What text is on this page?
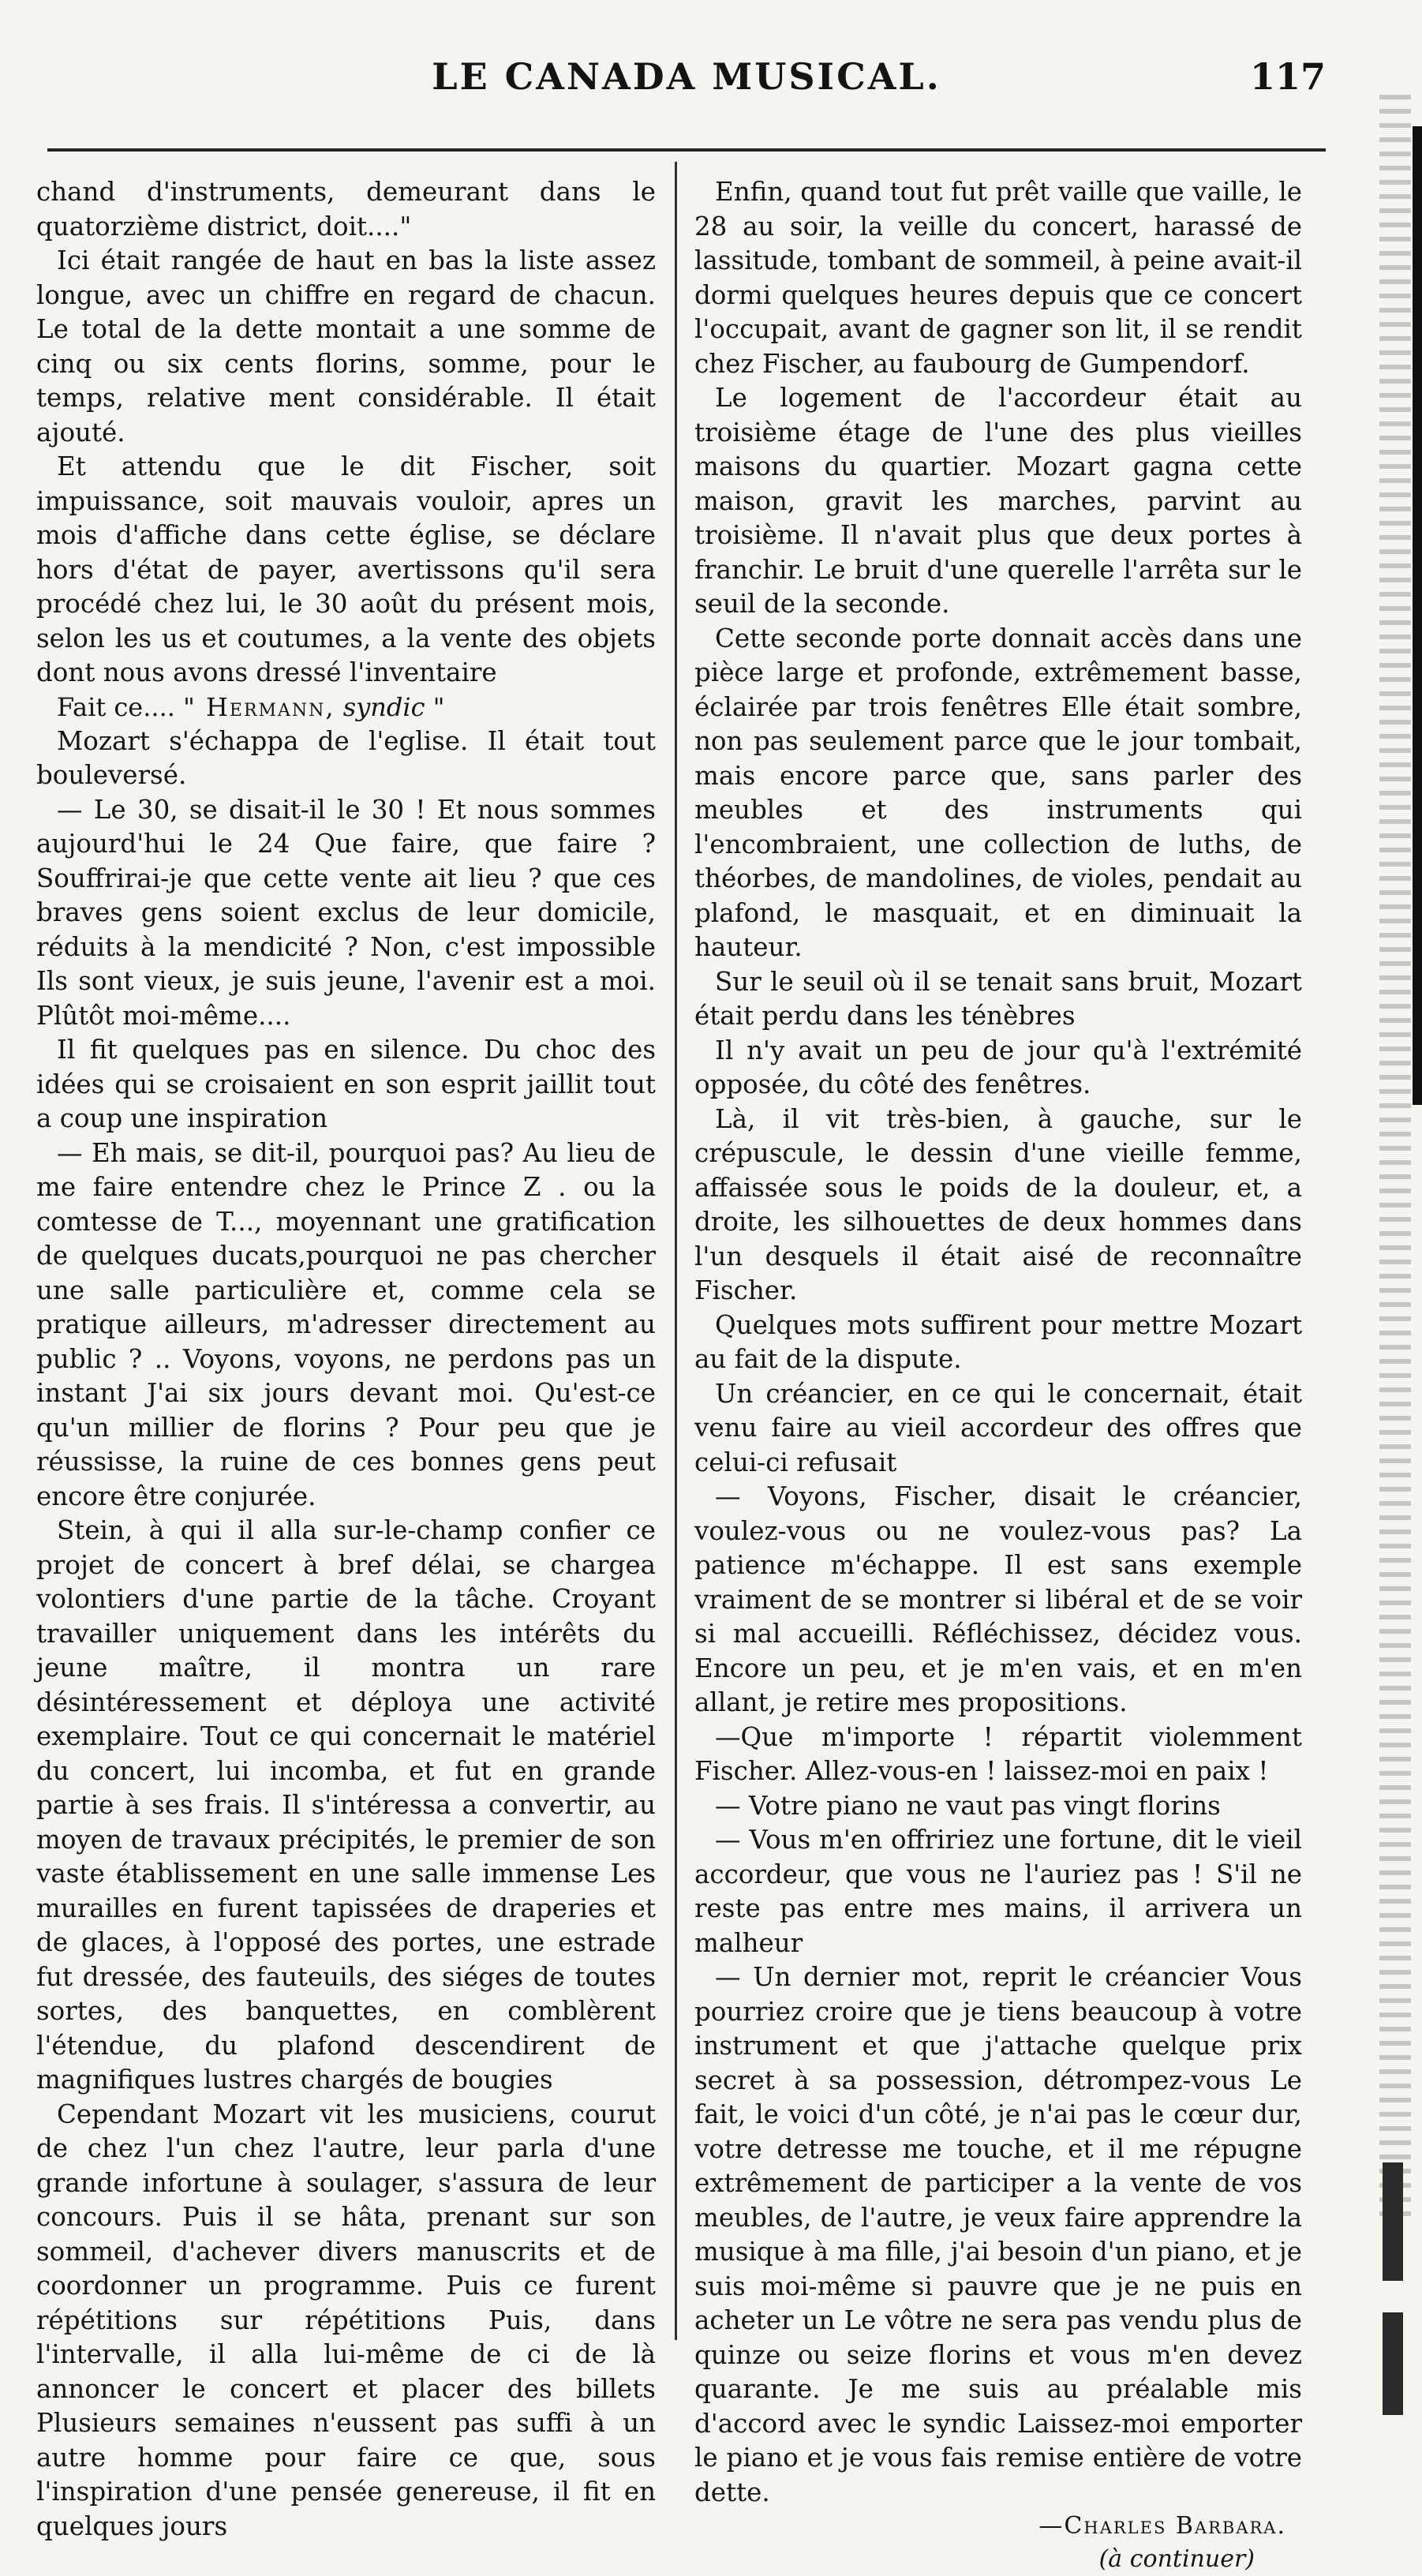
LE CANADA MUSICAL.	117

chand d'instruments, demeurant dans le quatorzième district, doit...."

Ici était rangée de haut en bas la liste assez longue, avec un chiffre en regard de chacun. Le total de la dette montait a une somme de cinq ou six cents florins, somme, pour le temps, relative ment considérable. Il était ajouté.

Et attendu que le dit Fischer, soit impuissance, soit mauvais vouloir, apres un mois d'affiche dans cette église, se déclare hors d'état de payer, avertissons qu'il sera procédé chez lui, le 30 août du présent mois, selon les us et coutumes, a la vente des objets dont nous avons dressé l'inventaire

Fait ce.... " Hermann, syndic "

Mozart s'échappa de l'eglise. Il était tout bouleversé.

— Le 30, se disait-il le 30 ! Et nous sommes aujourd'hui le 24 Que faire, que faire ? Souffrirai-je que cette vente ait lieu ? que ces braves gens soient exclus de leur domicile, réduits à la mendicité ? Non, c'est impossible Ils sont vieux, je suis jeune, l'avenir est a moi. Plûtôt moi-même....

Il fit quelques pas en silence. Du choc des idées qui se croisaient en son esprit jaillit tout a coup une inspiration

— Eh mais, se dit-il, pourquoi pas? Au lieu de me faire entendre chez le Prince Z . ou la comtesse de T..., moyennant une gratification de quelques ducats,pourquoi ne pas chercher une salle particulière et, comme cela se pratique ailleurs, m'adresser directement au public ? .. Voyons, voyons, ne perdons pas un instant J'ai six jours devant moi. Qu'est-ce qu'un millier de florins ? Pour peu que je réussisse, la ruine de ces bonnes gens peut encore être conjurée.

Stein, à qui il alla sur-le-champ confier ce projet de concert à bref délai, se chargea volontiers d'une partie de la tâche. Croyant travailler uniquement dans les intérêts du jeune maître, il montra un rare désintéressement et déploya une activité exemplaire. Tout ce qui concernait le matériel du concert, lui incomba, et fut en grande partie à ses frais. Il s'intéressa a convertir, au moyen de travaux précipités, le premier de son vaste établissement en une salle immense Les murailles en furent tapissées de draperies et de glaces, à l'opposé des portes, une estrade fut dressée, des fauteuils, des siéges de toutes sortes, des banquettes, en comblèrent l'étendue, du plafond descendirent de magnifiques lustres chargés de bougies

Cependant Mozart vit les musiciens, courut de chez l'un chez l'autre, leur parla d'une grande infortune à soulager, s'assura de leur concours. Puis il se hâta, prenant sur son sommeil, d'achever divers manuscrits et de coordonner un programme. Puis ce furent répétitions sur répétitions Puis, dans l'intervalle, il alla lui-même de ci de là annoncer le concert et placer des billets Plusieurs semaines n'eussent pas suffi à un autre homme pour faire ce que, sous l'inspiration d'une pensée genereuse, il fit en quelques jours

Enfin, quand tout fut prêt vaille que vaille, le 28 au soir, la veille du concert, harassé de lassitude, tombant de sommeil, à peine avait-il dormi quelques heures depuis que ce concert l'occupait, avant de gagner son lit, il se rendit chez Fischer, au faubourg de Gumpendorf.

Le logement de l'accordeur était au troisième étage de l'une des plus vieilles maisons du quartier. Mozart gagna cette maison, gravit les marches, parvint au troisième. Il n'avait plus que deux portes à franchir. Le bruit d'une querelle l'arrêta sur le seuil de la seconde.

Cette seconde porte donnait accès dans une pièce large et profonde, extrêmement basse, éclairée par trois fenêtres Elle était sombre, non pas seulement parce que le jour tombait, mais encore parce que, sans parler des meubles et des instruments qui l'encombraient, une collection de luths, de théorbes, de mandolines, de violes, pendait au plafond, le masquait, et en diminuait la hauteur.

Sur le seuil où il se tenait sans bruit, Mozart était perdu dans les ténèbres

Il n'y avait un peu de jour qu'à l'extrémité opposée, du côté des fenêtres.

Là, il vit très-bien, à gauche, sur le crépuscule, le dessin d'une vieille femme, affaissée sous le poids de la douleur, et, a droite, les silhouettes de deux hommes dans l'un desquels il était aisé de reconnaître Fischer.

Quelques mots suffirent pour mettre Mozart au fait de la dispute.

Un créancier, en ce qui le concernait, était venu faire au vieil accordeur des offres que celui-ci refusait

— Voyons, Fischer, disait le créancier, voulez-vous ou ne voulez-vous pas? La patience m'échappe. Il est sans exemple vraiment de se montrer si libéral et de se voir si mal accueilli. Réfléchissez, décidez vous. Encore un peu, et je m'en vais, et en m'en allant, je retire mes propositions.

—Que m'importe ! répartit violemment Fischer. Allez-vous-en ! laissez-moi en paix !

— Votre piano ne vaut pas vingt florins

— Vous m'en offririez une fortune, dit le vieil accordeur, que vous ne l'auriez pas ! S'il ne reste pas entre mes mains, il arrivera un malheur

— Un dernier mot, reprit le créancier Vous pourriez croire que je tiens beaucoup à votre instrument et que j'attache quelque prix secret à sa possession, détrompez-vous Le fait, le voici d'un côté, je n'ai pas le cœur dur, votre detresse me touche, et il me répugne extrêmement de participer a la vente de vos meubles, de l'autre, je veux faire apprendre la musique à ma fille, j'ai besoin d'un piano, et je suis moi-même si pauvre que je ne puis en acheter un Le vôtre ne sera pas vendu plus de quinze ou seize florins et vous m'en devez quarante. Je me suis au préalable mis d'accord avec le syndic Laissez-moi emporter le piano et je vous fais remise entière de votre dette.

—Charles Barbara.

(à continuer)
